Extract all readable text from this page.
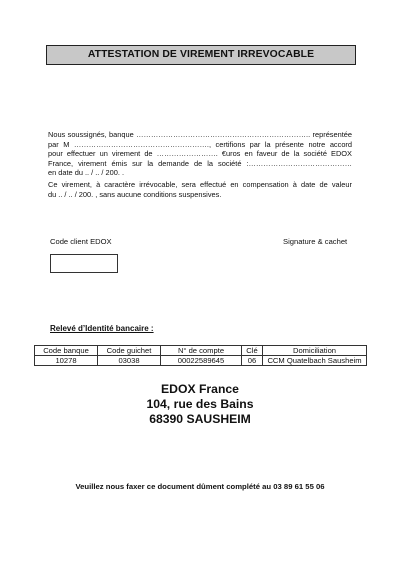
ATTESTATION DE VIREMENT IRREVOCABLE

Nous soussignés, banque …………………………………………………………….. représentée
par M ………………………………………………., certifions par la présente notre accord
pour effectuer un virement de ……………………. €uros en faveur de la société EDOX
France, virement émis sur la demande de la société :……………………………………
en date du .. / .. / 200. .

Ce virement, à caractère irrévocable, sera effectué en compensation à date de valeur
du .. / .. / 200. , sans aucune conditions suspensives.

Code client EDOX	Signature & cachet
Relevé d’Identité bancaire :
Code banque	Code guichet	N° de compte	Clé	Domiciliation
10278	03038	00022589645	06	CCM Quatelbach Sausheim
EDOX France
104, rue des Bains
68390 SAUSHEIM
Veuillez nous faxer ce document dûment complété au 03 89 61 55 06
